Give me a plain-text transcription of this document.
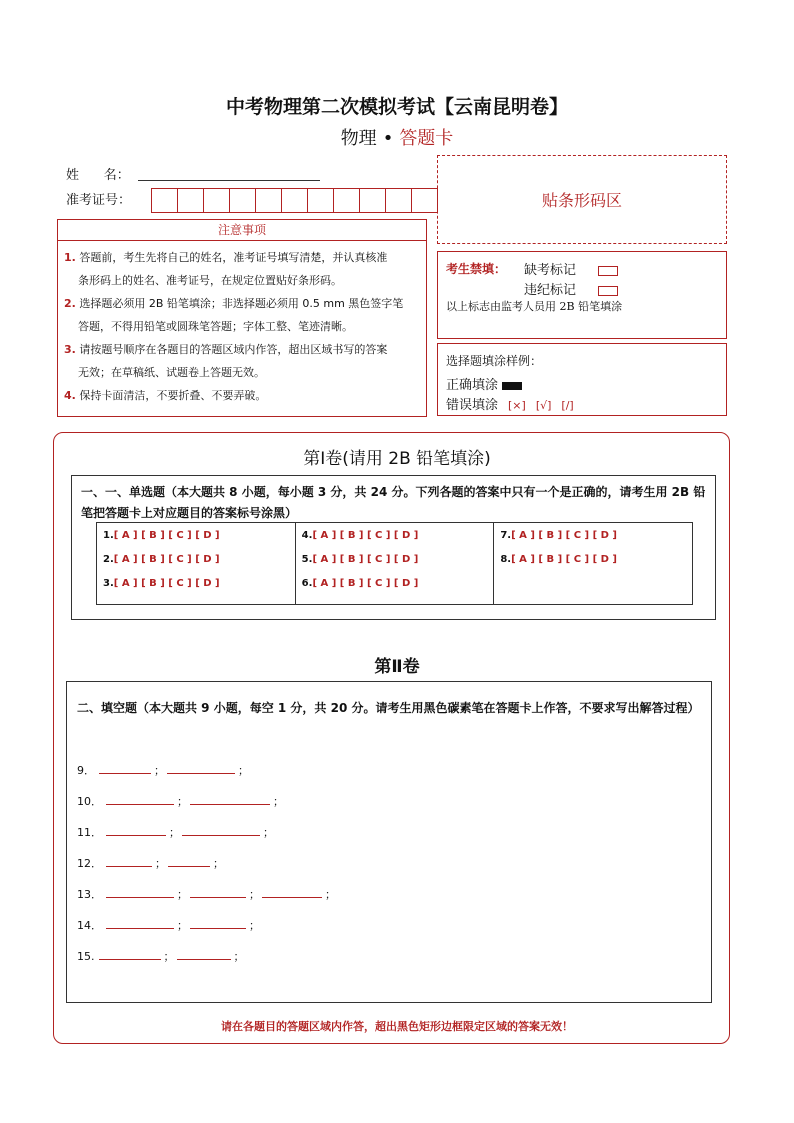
中考物理第二次模拟考试【云南昆明卷】
物理 • 答题卡
姓      名：
准考证号：	贴条形码区
注意事项

1. 答题前，考生先将自己的姓名，准考证号填写清楚，并认真核准
条形码上的姓名、准考证号，在规定位置贴好条形码。

2. 选择题必须用 2B 铅笔填涂；非选择题必须用 0.5 mm 黑色签字笔
答题，不得用铅笔或圆珠笔答题；字体工整、笔迹清晰。

3. 请按题号顺序在各题目的答题区域内作答，超出区域书写的答案
无效；在草稿纸、试题卷上答题无效。

4. 保持卡面清洁，不要折叠、不要弄破。

考生禁填： 缺考标记
违纪标记
以上标志由监考人员用 2B 铅笔填涂
选择题填涂样例：
正确填涂
错误填涂 [×] [√] [/]
第Ⅰ卷(请用 2B 铅笔填涂)
一、一、单选题（本大题共 8 小题，每小题 3 分，共 24 分。下列各题的答案中只有一个是正确的，请考生用 2B 铅笔把答题卡上对应题目的答案标号涂黑）
1.[ A ] [ B ] [ C ] [ D ]
2.[ A ] [ B ] [ C ] [ D ]
3.[ A ] [ B ] [ C ] [ D ]
4.[ A ] [ B ] [ C ] [ D ]
5.[ A ] [ B ] [ C ] [ D ]
6.[ A ] [ B ] [ C ] [ D ]
7.[ A ] [ B ] [ C ] [ D ]
8.[ A ] [ B ] [ C ] [ D ]
第Ⅱ卷
二、填空题（本大题共 9 小题，每空 1 分，共 20 分。请考生用黑色碳素笔在答题卡上作答，不要求写出解答过程）
9．	；	；
10．	；	；
11．	；	；
12．	；	；
13．	；	；	；
14．	；	；
15.	；	；
请在各题目的答题区域内作答，超出黑色矩形边框限定区域的答案无效！
